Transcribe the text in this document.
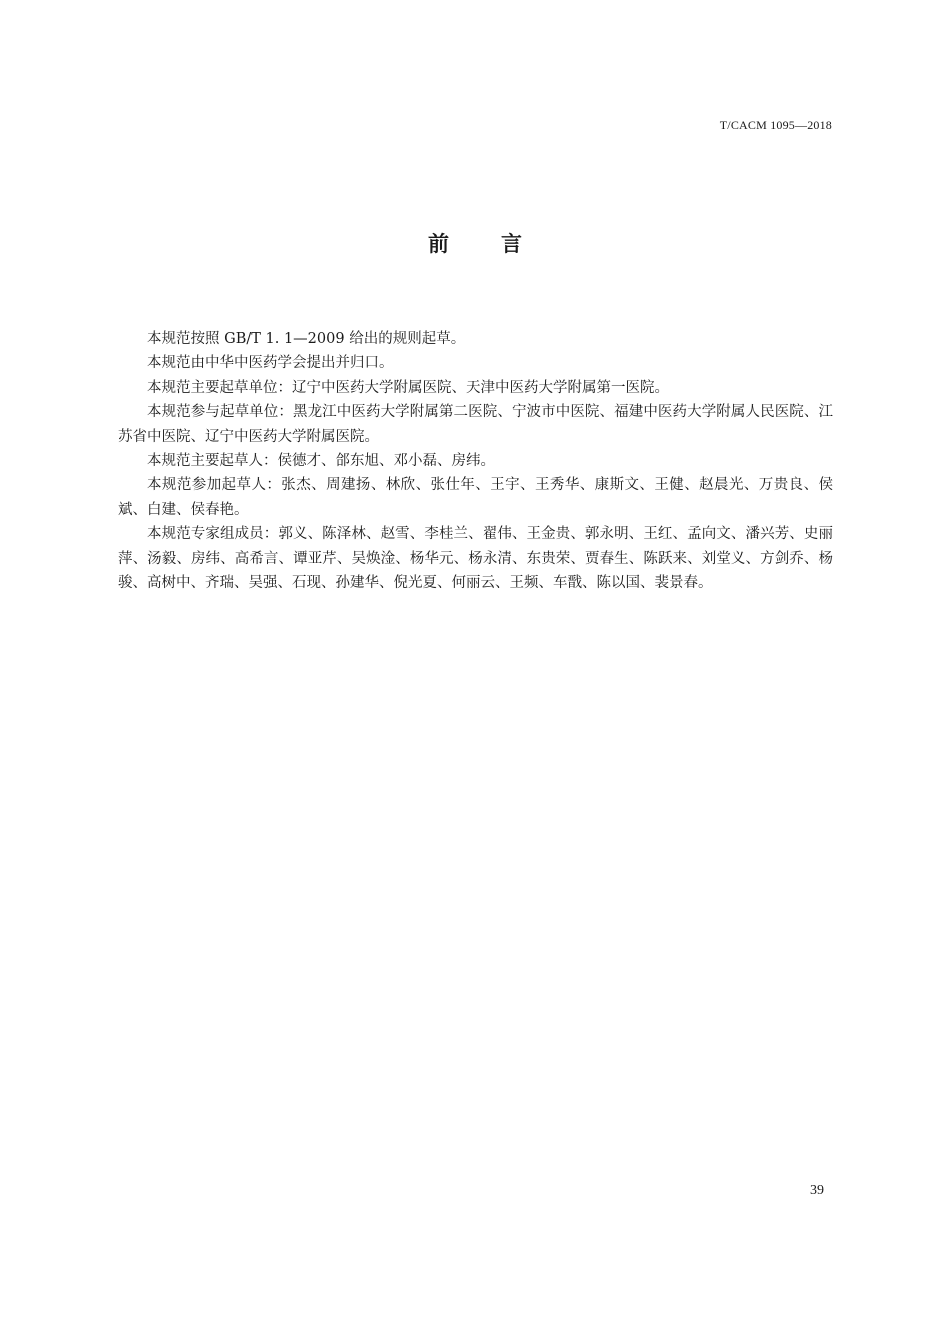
T/CACM 1095—2018
前 言

本规范按照 GB/T 1. 1—2009 给出的规则起草。

本规范由中华中医药学会提出并归口。

本规范主要起草单位：辽宁中医药大学附属医院、天津中医药大学附属第一医院。

本规范参与起草单位：黑龙江中医药大学附属第二医院、宁波市中医院、福建中医药大学附属人民医院、江苏省中医院、辽宁中医药大学附属医院。

本规范主要起草人：侯德才、郃东旭、邓小磊、房纬。

本规范参加起草人：张杰、周建扬、林欣、张仕年、王宇、王秀华、康斯文、王健、赵晨光、万贵良、侯斌、白建、侯春艳。

本规范专家组成员：郭义、陈泽林、赵雪、李桂兰、翟伟、王金贵、郭永明、王红、孟向文、潘兴芳、史丽萍、汤毅、房纬、高希言、谭亚芹、吴焕淦、杨华元、杨永清、东贵荣、贾春生、陈跃来、刘堂义、方剑乔、杨骏、高树中、齐瑞、吴强、石现、孙建华、倪光夏、何丽云、王频、车戬、陈以国、裴景春。

39
